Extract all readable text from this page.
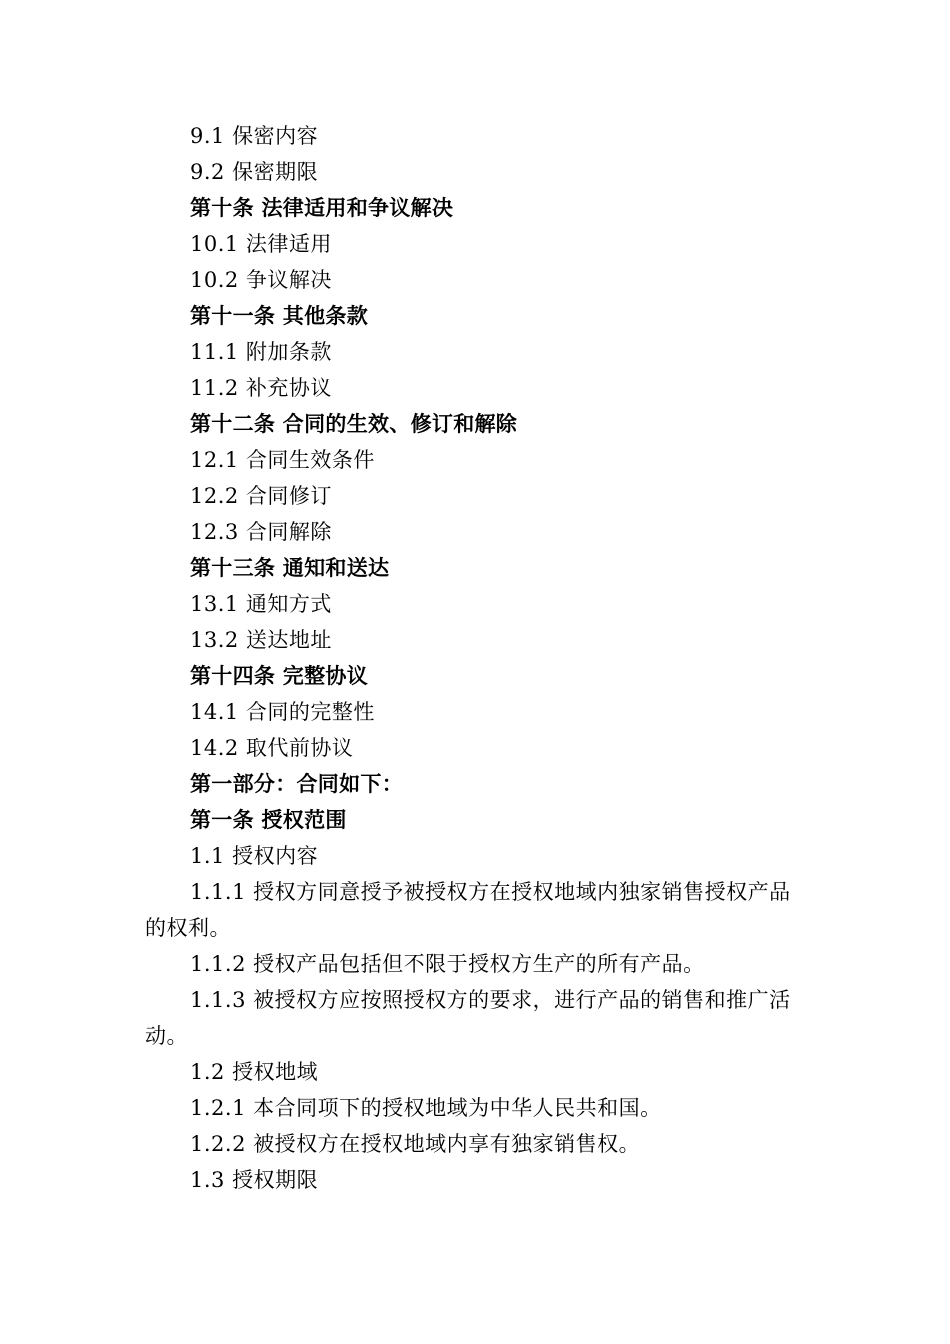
9.1 保密内容
9.2 保密期限
第十条 法律适用和争议解决
10.1 法律适用
10.2 争议解决
第十一条 其他条款
11.1 附加条款
11.2 补充协议
第十二条 合同的生效、修订和解除
12.1 合同生效条件
12.2 合同修订
12.3 合同解除
第十三条 通知和送达
13.1 通知方式
13.2 送达地址
第十四条 完整协议
14.1 合同的完整性
14.2 取代前协议
第一部分：合同如下：
第一条 授权范围
1.1 授权内容
1.1.1 授权方同意授予被授权方在授权地域内独家销售授权产品的权利。
1.1.2 授权产品包括但不限于授权方生产的所有产品。
1.1.3 被授权方应按照授权方的要求，进行产品的销售和推广活动。
1.2 授权地域
1.2.1 本合同项下的授权地域为中华人民共和国。
1.2.2 被授权方在授权地域内享有独家销售权。
1.3 授权期限
